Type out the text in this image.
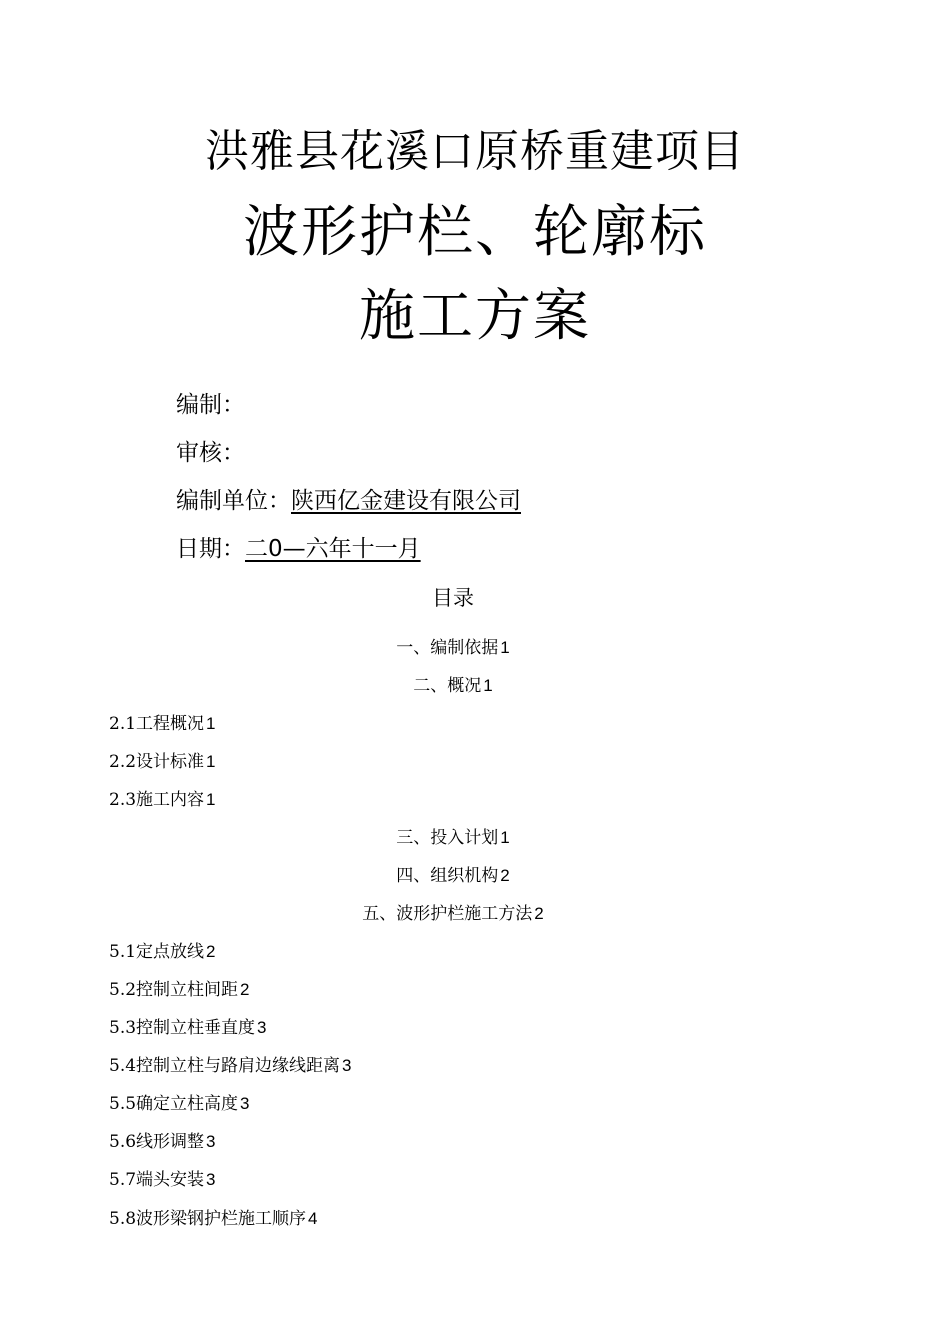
洪雅县花溪口原桥重建项目
波形护栏、轮廓标
施工方案
编制：
审核：
编制单位：陕西亿金建设有限公司
日期：二0—六年十一月
目录
一、编制依据 1
二、概况 1
2.1工程概况 1
2.2设计标准 1
2.3施工内容 1
三、投入计划 1
四、组织机构 2
五、波形护栏施工方法 2
5.1定点放线 2
5.2控制立柱间距 2
5.3控制立柱垂直度 3
5.4控制立柱与路肩边缘线距离 3
5.5确定立柱高度 3
5.6线形调整 3
5.7端头安装 3
5.8波形梁钢护栏施工顺序 4
